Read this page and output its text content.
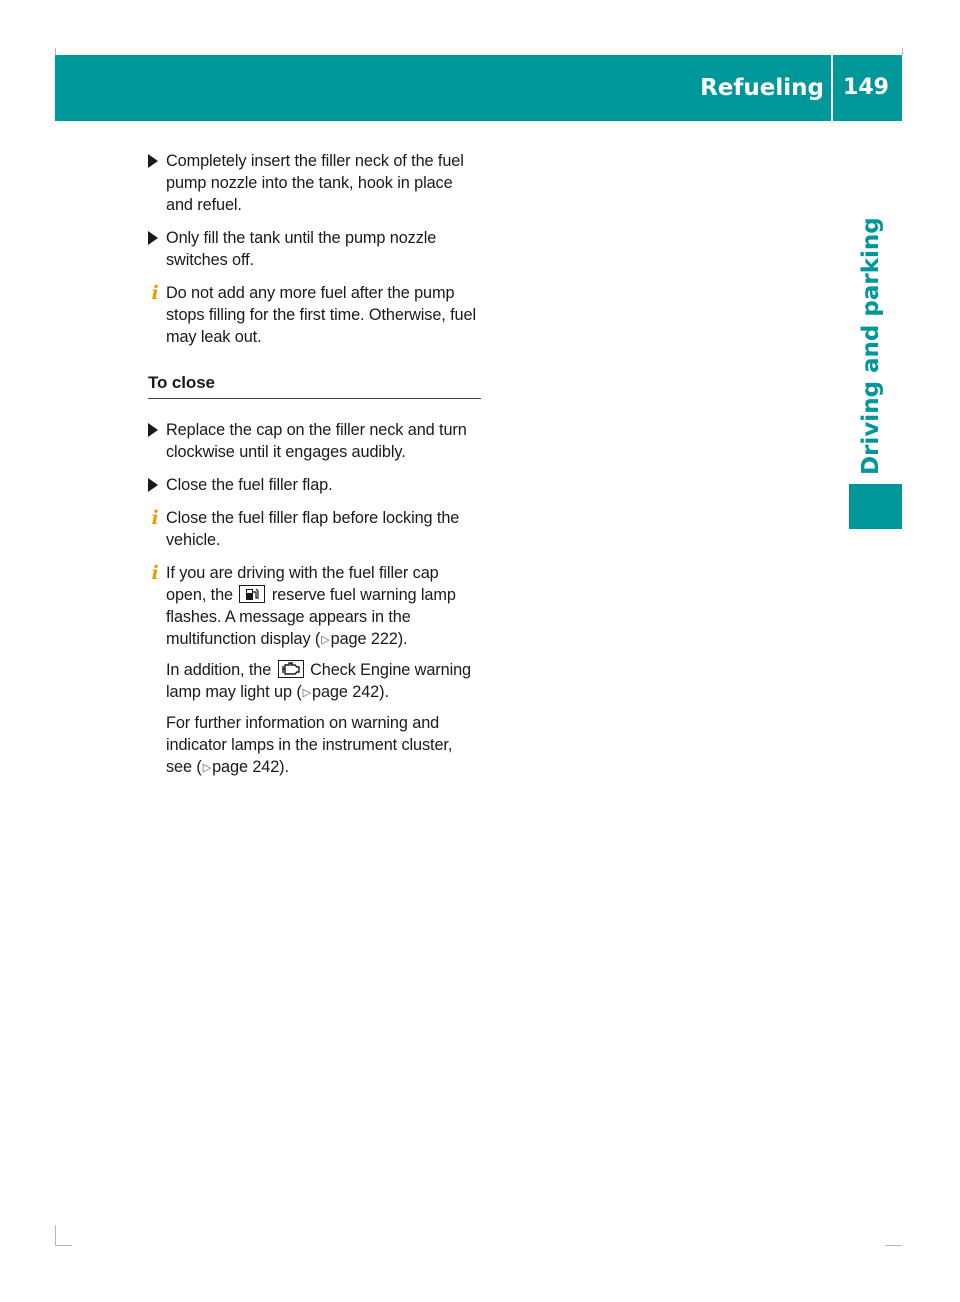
Refueling 149
Driving and parking
Completely insert the filler neck of the fuel pump nozzle into the tank, hook in place and refuel.
Only fill the tank until the pump nozzle switches off.
i Do not add any more fuel after the pump stops filling for the first time. Otherwise, fuel may leak out.
To close
Replace the cap on the filler neck and turn clockwise until it engages audibly.
Close the fuel filler flap.
i Close the fuel filler flap before locking the vehicle.
i If you are driving with the fuel filler cap open, the reserve fuel warning lamp flashes. A message appears in the multifunction display (▷page 222).

In addition, the Check Engine warning lamp may light up (▷page 242).

For further information on warning and indicator lamps in the instrument cluster, see (▷page 242).
